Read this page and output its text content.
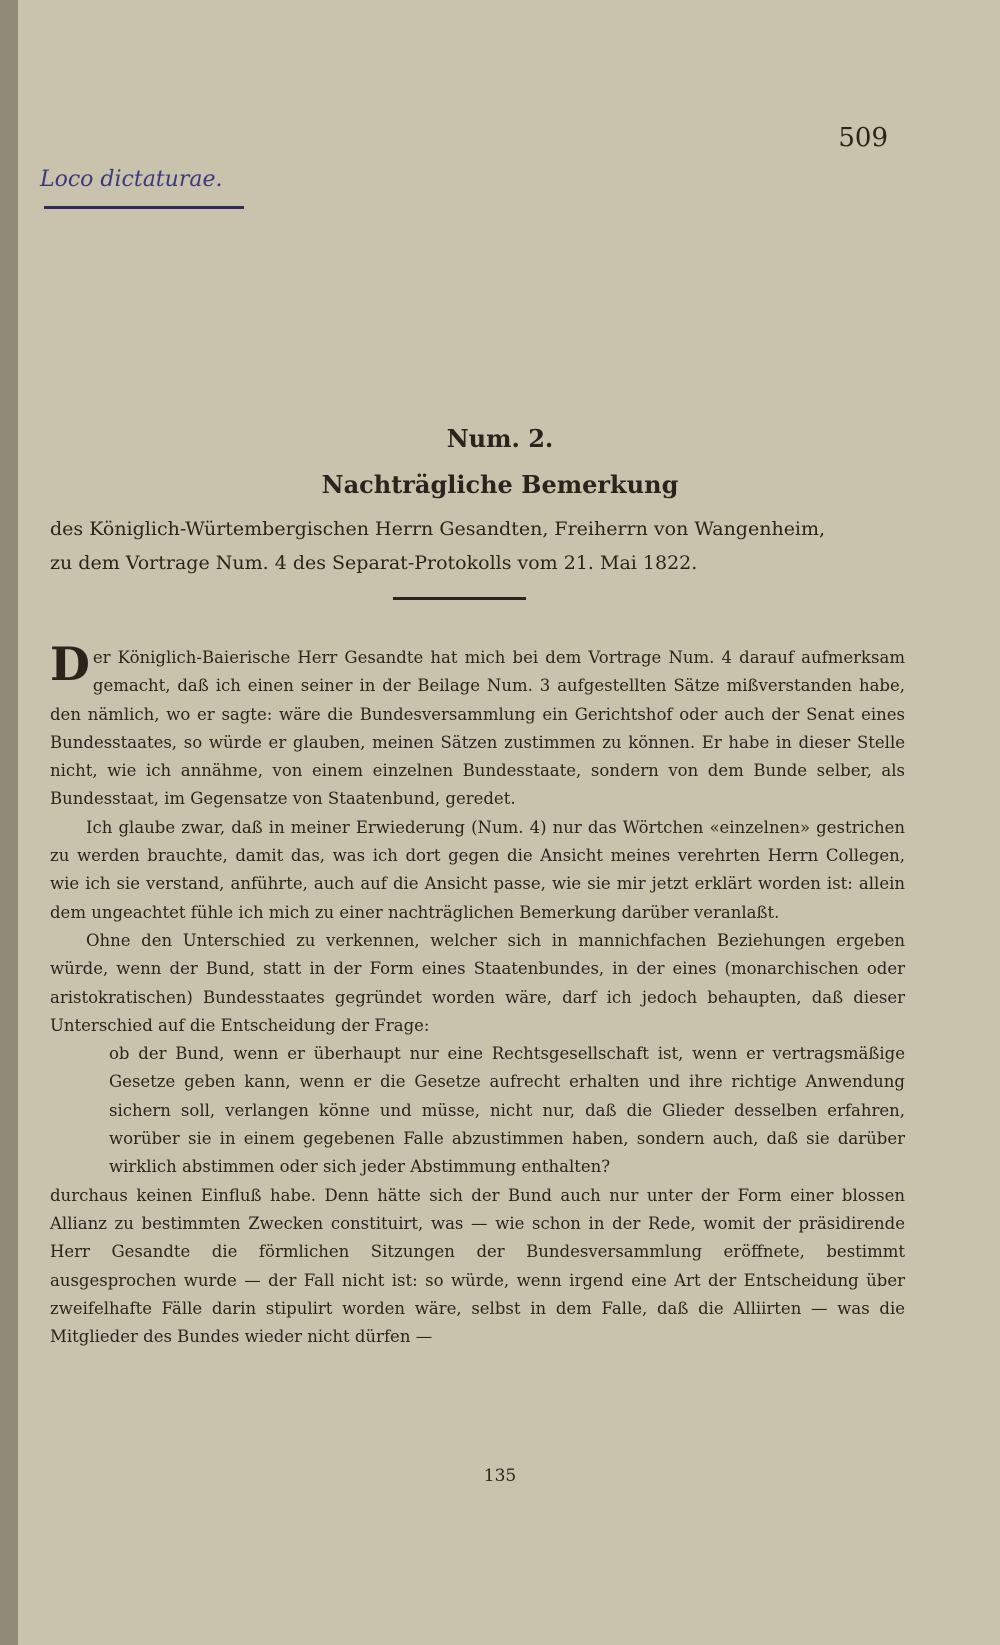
509
Loco dictaturae.
Num. 2.
Nachträgliche Bemerkung
des Königlich-Würtembergischen Herrn Gesandten, Freiherrn von Wangenheim,
zu dem Vortrage Num. 4 des Separat-Protokolls vom 21. Mai 1822.

Der Königlich-Baierische Herr Gesandte hat mich bei dem Vortrage Num. 4 darauf aufmerksam gemacht, daß ich einen seiner in der Beilage Num. 3 aufgestellten Sätze mißverstanden habe, den nämlich, wo er sagte: wäre die Bundesversammlung ein Gerichtshof oder auch der Senat eines Bundesstaates, so würde er glauben, meinen Sätzen zustimmen zu können. Er habe in dieser Stelle nicht, wie ich annähme, von einem einzelnen Bundesstaate, sondern von dem Bunde selber, als Bundesstaat, im Gegensatze von Staatenbund, geredet.

Ich glaube zwar, daß in meiner Erwiederung (Num. 4) nur das Wörtchen «einzelnen» gestrichen zu werden brauchte, damit das, was ich dort gegen die Ansicht meines verehrten Herrn Collegen, wie ich sie verstand, anführte, auch auf die Ansicht passe, wie sie mir jetzt erklärt worden ist: allein dem ungeachtet fühle ich mich zu einer nachträglichen Bemerkung darüber veranlaßt.

Ohne den Unterschied zu verkennen, welcher sich in mannichfachen Beziehungen ergeben würde, wenn der Bund, statt in der Form eines Staatenbundes, in der eines (monarchischen oder aristokratischen) Bundesstaates gegründet worden wäre, darf ich jedoch behaupten, daß dieser Unterschied auf die Entscheidung der Frage:

ob der Bund, wenn er überhaupt nur eine Rechtsgesellschaft ist, wenn er vertragsmäßige Gesetze geben kann, wenn er die Gesetze aufrecht erhalten und ihre richtige Anwendung sichern soll, verlangen könne und müsse, nicht nur, daß die Glieder desselben erfahren, worüber sie in einem gegebenen Falle abzustimmen haben, sondern auch, daß sie darüber wirklich abstimmen oder sich jeder Abstimmung enthalten?

durchaus keinen Einfluß habe. Denn hätte sich der Bund auch nur unter der Form einer blossen Allianz zu bestimmten Zwecken constituirt, was — wie schon in der Rede, womit der präsidirende Herr Gesandte die förmlichen Sitzungen der Bundesversammlung eröffnete, bestimmt ausgesprochen wurde — der Fall nicht ist: so würde, wenn irgend eine Art der Entscheidung über zweifelhafte Fälle darin stipulirt worden wäre, selbst in dem Falle, daß die Alliirten — was die Mitglieder des Bundes wieder nicht dürfen —

135
